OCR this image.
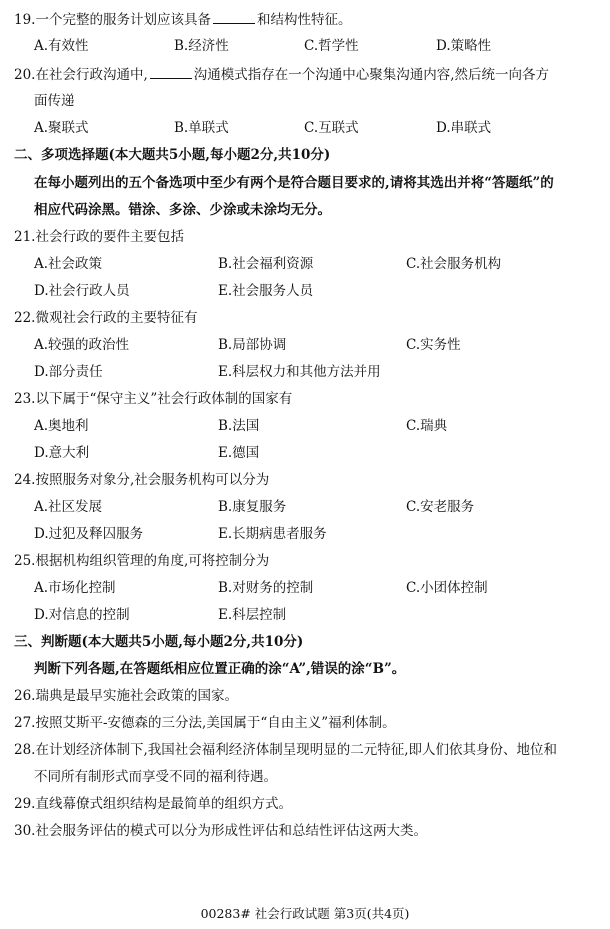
19.一个完整的服务计划应该具备	和结构性特征。
A.有效性	B.经济性	C.哲学性	D.策略性
20.在社会行政沟通中,	沟通模式指存在一个沟通中心聚集沟通内容,然后统一向各方
面传递
A.聚联式	B.单联式	C.互联式	D.串联式
二、多项选择题(本大题共5小题,每小题2分,共10分)
在每小题列出的五个备选项中至少有两个是符合题目要求的,请将其选出并将“答题纸”的
相应代码涂黑。错涂、多涂、少涂或未涂均无分。
21.社会行政的要件主要包括
A.社会政策	B.社会福利资源	C.社会服务机构
D.社会行政人员	E.社会服务人员
22.微观社会行政的主要特征有
A.较强的政治性	B.局部协调	C.实务性
D.部分责任	E.科层权力和其他方法并用
23.以下属于“保守主义”社会行政体制的国家有
A.奥地利	B.法国	C.瑞典
D.意大利	E.德国
24.按照服务对象分,社会服务机构可以分为
A.社区发展	B.康复服务	C.安老服务
D.过犯及释囚服务	E.长期病患者服务
25.根据机构组织管理的角度,可将控制分为
A.市场化控制	B.对财务的控制	C.小团体控制
D.对信息的控制	E.科层控制
三、判断题(本大题共5小题,每小题2分,共10分)
判断下列各题,在答题纸相应位置正确的涂“A”,错误的涂“B”。
26.瑞典是最早实施社会政策的国家。
27.按照艾斯平-安德森的三分法,美国属于“自由主义”福利体制。
28.在计划经济体制下,我国社会福利经济体制呈现明显的二元特征,即人们依其身份、地位和
不同所有制形式而享受不同的福利待遇。
29.直线幕僚式组织结构是最简单的组织方式。
30.社会服务评估的模式可以分为形成性评估和总结性评估这两大类。
00283# 社会行政试题 第3页(共4页)
